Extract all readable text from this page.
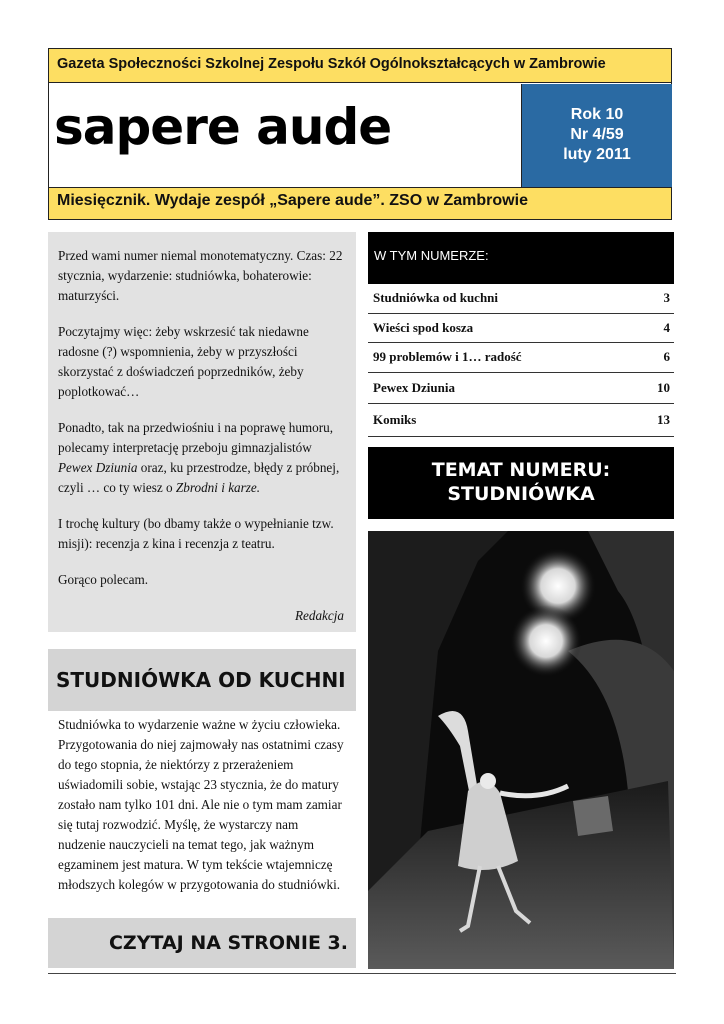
Gazeta Społeczności Szkolnej Zespołu Szkół Ogólnokształcących w Zambrowie
sapere aude	Rok 10
Nr 4/59
luty 2011
Miesięcznik. Wydaje zespół „Sapere aude”. ZSO w Zambrowie

Przed wami numer niemal monotematyczny. Czas: 22 stycznia, wydarzenie: studniówka, bohaterowie: maturzyści.

Poczytajmy więc: żeby wskrzesić tak niedawne radosne (?) wspomnienia, żeby w przyszłości skorzystać z doświadczeń poprzedników, żeby poplotkować…

Ponadto, tak na przedwiośniu i na poprawę humoru, polecamy interpretację przeboju gimnazjalistów Pewex Dziunia oraz, ku przestrodze, błędy z próbnej, czyli … co ty wiesz o Zbrodni i karze.

I trochę kultury (bo dbamy także o wypełnianie tzw. misji): recenzja z kina i recenzja z teatru.

Gorąco polecam.

Redakcja

W TYM NUMERZE:
Studniówka od kuchni	3
Wieści spod kosza	4
99 problemów i 1… radość	6
Pewex Dziunia	10
Komiks	13
TEMAT NUMERU:
STUDNIÓWKA
STUDNIÓWKA OD KUCHNI
Studniówka to wydarzenie ważne w życiu człowieka. Przygotowania do niej zajmowały nas ostatnimi czasy do tego stopnia, że niektórzy z przerażeniem uświadomili sobie, wstając 23 stycznia, że do matury zostało nam tylko 101 dni. Ale nie o tym mam zamiar się tutaj rozwodzić. Myślę, że wystarczy nam nudzenie nauczycieli na temat tego, jak ważnym egzaminem jest matura. W tym tekście wtajemniczę młodszych kolegów w przygotowania do studniówki.
CZYTAJ NA STRONIE 3.
